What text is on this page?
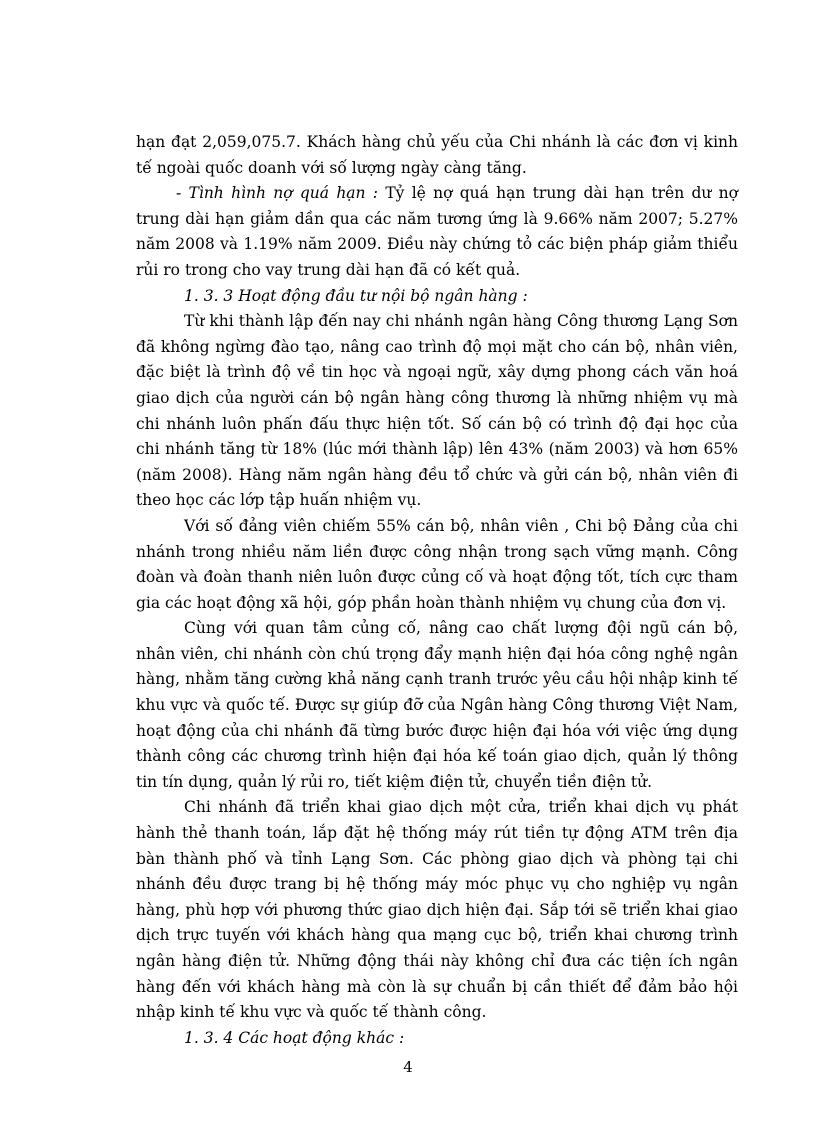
hạn đạt 2,059,075.7. Khách hàng chủ yếu của Chi nhánh là các đơn vị kinh tế ngoài quốc doanh với số lượng ngày càng tăng.

- Tình hình nợ quá hạn : Tỷ lệ nợ quá hạn trung dài hạn trên dư nợ trung dài hạn giảm dần qua các năm tương ứng là 9.66% năm 2007; 5.27% năm 2008 và 1.19% năm 2009. Điều này chứng tỏ các biện pháp giảm thiểu rủi ro trong cho vay trung dài hạn đã có kết quả.

1. 3. 3 Hoạt động đầu tư nội bộ ngân hàng :

Từ khi thành lập đến nay chi nhánh ngân hàng Công thương Lạng Sơn đã không ngừng đào tạo, nâng cao trình độ mọi mặt cho cán bộ, nhân viên, đặc biệt là trình độ về tin học và ngoại ngữ, xây dựng phong cách văn hoá giao dịch của người cán bộ ngân hàng công thương là những nhiệm vụ mà chi nhánh luôn phấn đấu thực hiện tốt. Số cán bộ có trình độ đại học của chi nhánh tăng từ 18% (lúc mới thành lập) lên 43% (năm 2003) và hơn 65% (năm 2008). Hàng năm ngân hàng đều tổ chức và gửi cán bộ, nhân viên đi theo học các lớp tập huấn nhiệm vụ.

Với số đảng viên chiếm 55% cán bộ, nhân viên , Chi bộ Đảng của chi nhánh trong nhiều năm liền được công nhận trong sạch vững mạnh. Công đoàn và đoàn thanh niên luôn được củng cố và hoạt động tốt, tích cực tham gia các hoạt động xã hội, góp phần hoàn thành nhiệm vụ chung của đơn vị.

Cùng với quan tâm củng cố, nâng cao chất lượng đội ngũ cán bộ, nhân viên, chi nhánh còn chú trọng đẩy mạnh hiện đại hóa công nghệ ngân hàng, nhằm tăng cường khả năng cạnh tranh trước yêu cầu hội nhập kinh tế khu vực và quốc tế. Được sự giúp đỡ của Ngân hàng Công thương Việt Nam, hoạt động của chi nhánh đã từng bước được hiện đại hóa với việc ứng dụng thành công các chương trình hiện đại hóa kế toán giao dịch, quản lý thông tin tín dụng, quản lý rủi ro, tiết kiệm điện tử, chuyển tiền điện tử.

Chi nhánh đã triển khai giao dịch một cửa, triển khai dịch vụ phát hành thẻ thanh toán, lắp đặt hệ thống máy rút tiền tự động ATM trên địa bàn thành phố và tỉnh Lạng Sơn. Các phòng giao dịch và phòng tại chi nhánh đều được trang bị hệ thống máy móc phục vụ cho nghiệp vụ ngân hàng, phù hợp với phương thức giao dịch hiện đại. Sắp tới sẽ triển khai giao dịch trực tuyến với khách hàng qua mạng cục bộ, triển khai chương trình ngân hàng điện tử. Những động thái này không chỉ đưa các tiện ích ngân hàng đến với khách hàng mà còn là sự chuẩn bị cần thiết để đảm bảo hội nhập kinh tế khu vực và quốc tế thành công.

1. 3. 4 Các hoạt động khác :

4
